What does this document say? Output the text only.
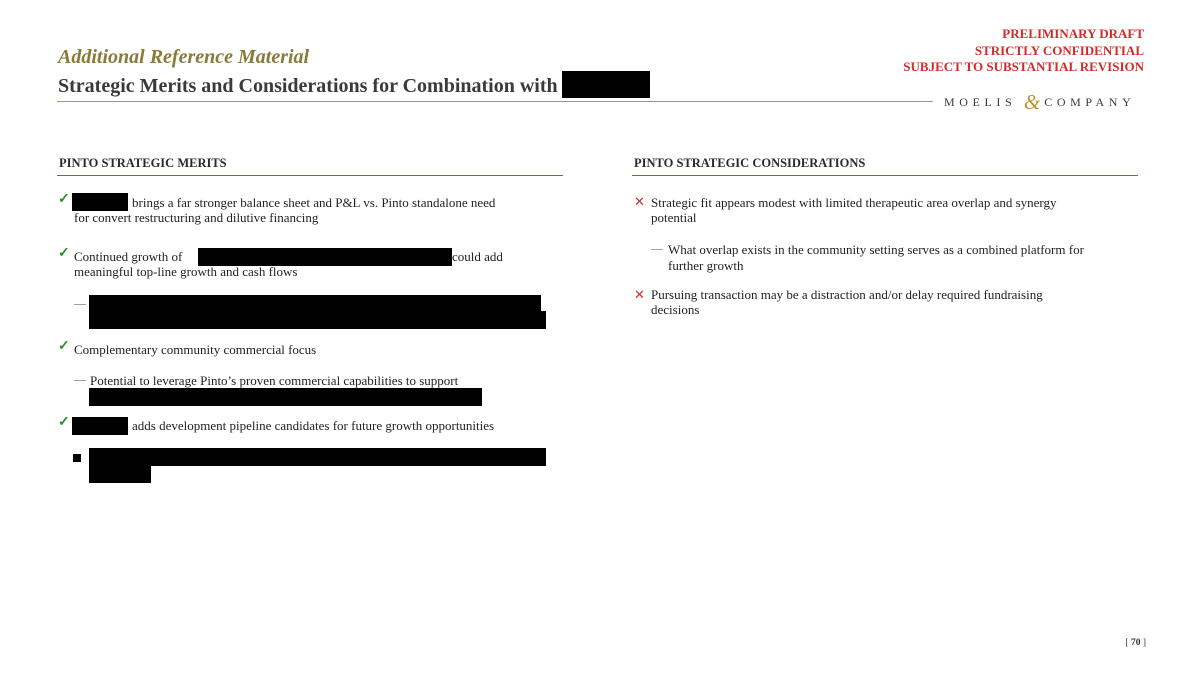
Additional Reference Material
Strategic Merits and Considerations for Combination with
PRELIMINARY DRAFT
STRICTLY CONFIDENTIAL
SUBJECT TO SUBSTANTIAL REVISION
MOELIS & COMPANY
PINTO STRATEGIC MERITS
✓	brings a far stronger balance sheet and P&L vs. Pinto standalone need
for convert restructuring and dilutive financing
✓ Continued growth of	could add
meaningful top-line growth and cash flows
—
✓ Complementary community commercial focus
— Potential to leverage Pinto’s proven commercial capabilities to support
✓	adds development pipeline candidates for future growth opportunities
PINTO STRATEGIC CONSIDERATIONS
✕ Strategic fit appears modest with limited therapeutic area overlap and synergy
potential
— What overlap exists in the community setting serves as a combined platform for
further growth
✕ Pursuing transaction may be a distraction and/or delay required fundraising
decisions
[ 70 ]
